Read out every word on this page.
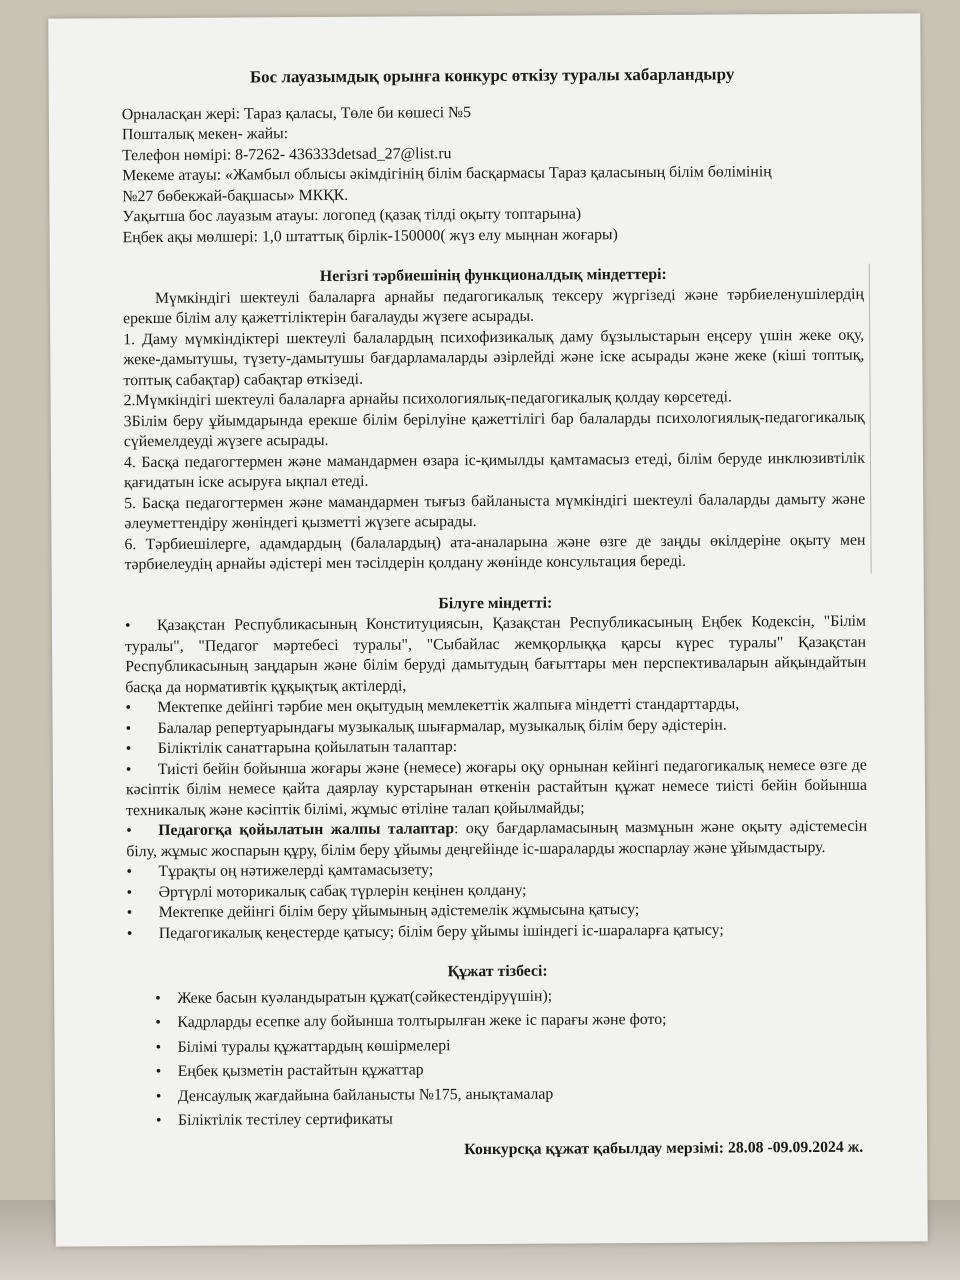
Бос лауазымдық орынға конкурс өткізу туралы хабарландыру

Орналасқан жері: Тараз қаласы, Төле би көшесі №5

Пошталық мекен- жайы:

Телефон нөмірі: 8-7262- 436333detsad_27@list.ru

Мекеме атауы: «Жамбыл облысы әкімдігінің білім басқармасы Тараз қаласының білім бөлімінің

№27 бөбекжай-бақшасы» МКҚК.

Уақытша бос лауазым атауы: логопед (қазақ тілді оқыту топтарына)

Еңбек ақы мөлшері: 1,0 штаттық бірлік-150000( жүз елу мыңнан жоғары)

Негізгі тәрбиешінің функционалдық міндеттері:

Мүмкіндігі шектеулі балаларға арнайы педагогикалық тексеру жүргізеді және тәрбиеленушілердің ерекше білім алу қажеттіліктерін бағалауды жүзеге асырады.

1. Даму мүмкіндіктері шектеулі балалардың психофизикалық даму бұзылыстарын еңсеру үшін жеке оқу, жеке-дамытушы, түзету-дамытушы бағдарламаларды әзірлейді және іске асырады және жеке (кіші топтық, топтық сабақтар) сабақтар өткізеді.

2.Мүмкіндігі шектеулі балаларға арнайы психологиялық-педагогикалық қолдау көрсетеді.

3Білім беру ұйымдарында ерекше білім берілуіне қажеттілігі бар балаларды психологиялық-педагогикалық сүйемелдеуді жүзеге асырады.

4. Басқа педагогтермен және мамандармен өзара іс-қимылды қамтамасыз етеді, білім беруде инклюзивтілік қағидатын іске асыруға ықпал етеді.

5. Басқа педагогтермен және мамандармен тығыз байланыста мүмкіндігі шектеулі балаларды дамыту және әлеуметтендіру жөніндегі қызметті жүзеге асырады.

6. Тәрбиешілерге, адамдардың (балалардың) ата-аналарына және өзге де заңды өкілдеріне оқыту мен тәрбиелеудің арнайы әдістері мен тәсілдерін қолдану жөнінде консультация береді.

Білуге міндетті:

• Қазақстан Республикасының Конституциясын, Қазақстан Республикасының Еңбек Кодексін, "Білім туралы", "Педагог мәртебесі туралы", "Сыбайлас жемқорлыққа қарсы күрес туралы" Қазақстан Республикасының заңдарын және білім беруді дамытудың бағыттары мен перспективаларын айқындайтын басқа да нормативтік құқықтық актілерді,
• Мектепке дейінгі тәрбие мен оқытудың мемлекеттік жалпыға міндетті стандарттарды,
• Балалар репертуарындағы музыкалық шығармалар, музыкалық білім беру әдістерін.
• Біліктілік санаттарына қойылатын талаптар:
• Тиісті бейін бойынша жоғары және (немесе) жоғары оқу орнынан кейінгі педагогикалық немесе өзге де кәсіптік білім немесе қайта даярлау курстарынан өткенін растайтын құжат немесе тиісті бейін бойынша техникалық және кәсіптік білімі, жұмыс өтіліне талап қойылмайды;
• Педагогқа қойылатын жалпы талаптар: оқу бағдарламасының мазмұнын және оқыту әдістемесін білу, жұмыс жоспарын құру, білім беру ұйымы деңгейінде іс-шараларды жоспарлау және ұйымдастыру.
• Тұрақты оң нәтижелерді қамтамасызету;
• Әртүрлі моторикалық сабақ түрлерін кеңінен қолдану;
• Мектепке дейінгі білім беру ұйымының әдістемелік жұмысына қатысу;
• Педагогикалық кеңестерде қатысу; білім беру ұйымы ішіндегі іс-шараларға қатысу;

Құжат тізбесі:

• Жеке басын куәландыратын құжат(сәйкестендіруүшін);
• Кадрларды есепке алу бойынша толтырылған жеке іс парағы және фото;
• Білімі туралы құжаттардың көшірмелері
• Еңбек қызметін растайтын құжаттар
• Денсаулық жағдайына байланысты №175, анықтамалар
• Біліктілік тестілеу сертификаты

Конкурсқа құжат қабылдау мерзімі: 28.08 -09.09.2024 ж.
